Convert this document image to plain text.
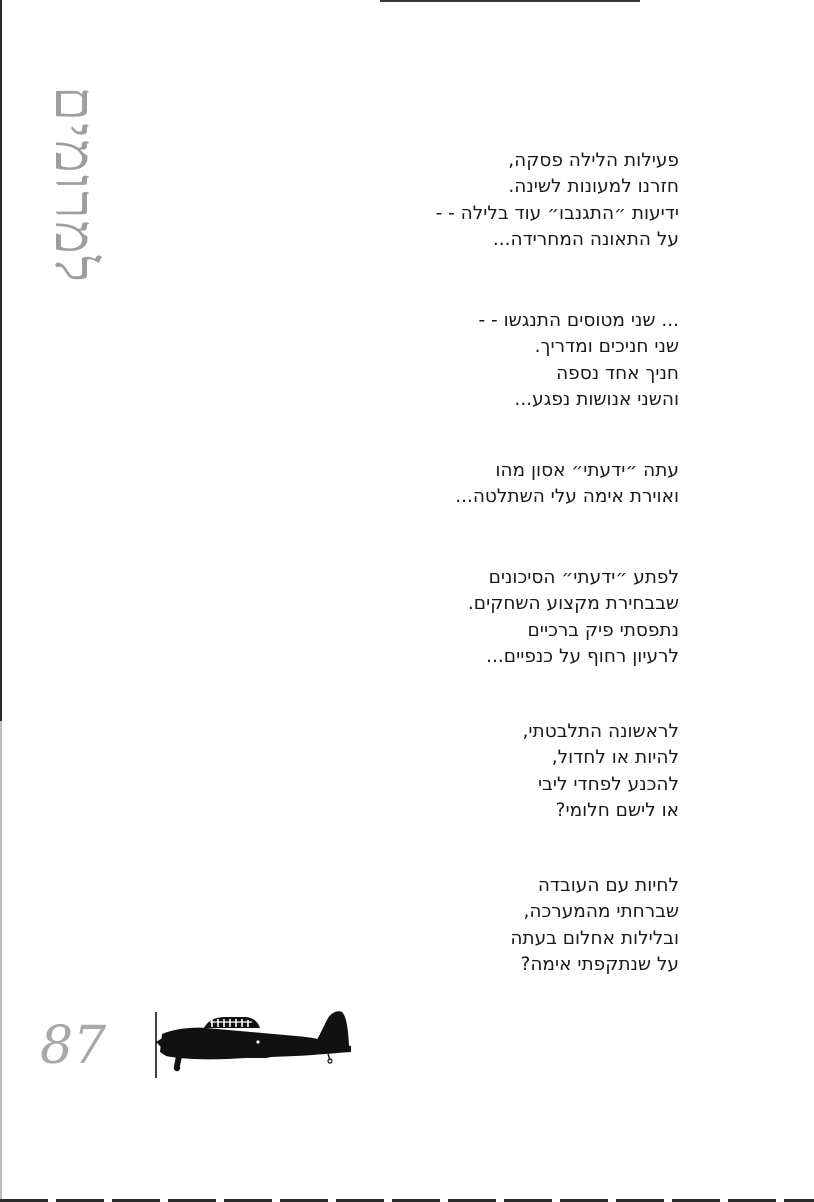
למרומים	פעילות הלילה פסקה,
חזרנו למעונות לשינה.
ידיעות ״התגנבו״ עוד בלילה - -
על התאונה המחרידה...
... שני מטוסים התנגשו - -
שני חניכים ומדריך.
חניך אחד נספה
והשני אנושות נפגע...
עתה ״ידעתי״ אסון מהו
ואוירת אימה עלי השתלטה...
לפתע ״ידעתי״ הסיכונים
שבבחירת מקצוע השחקים.
נתפסתי פיק ברכיים
לרעיון רחוף על כנפיים...
לראשונה התלבטתי,
להיות או לחדול,
להכנע לפחדי ליבי
או לישם חלומי?
לחיות עם העובדה
שברחתי מהמערכה,
ובלילות אחלום בעתה
על שנתקפתי אימה?
87
